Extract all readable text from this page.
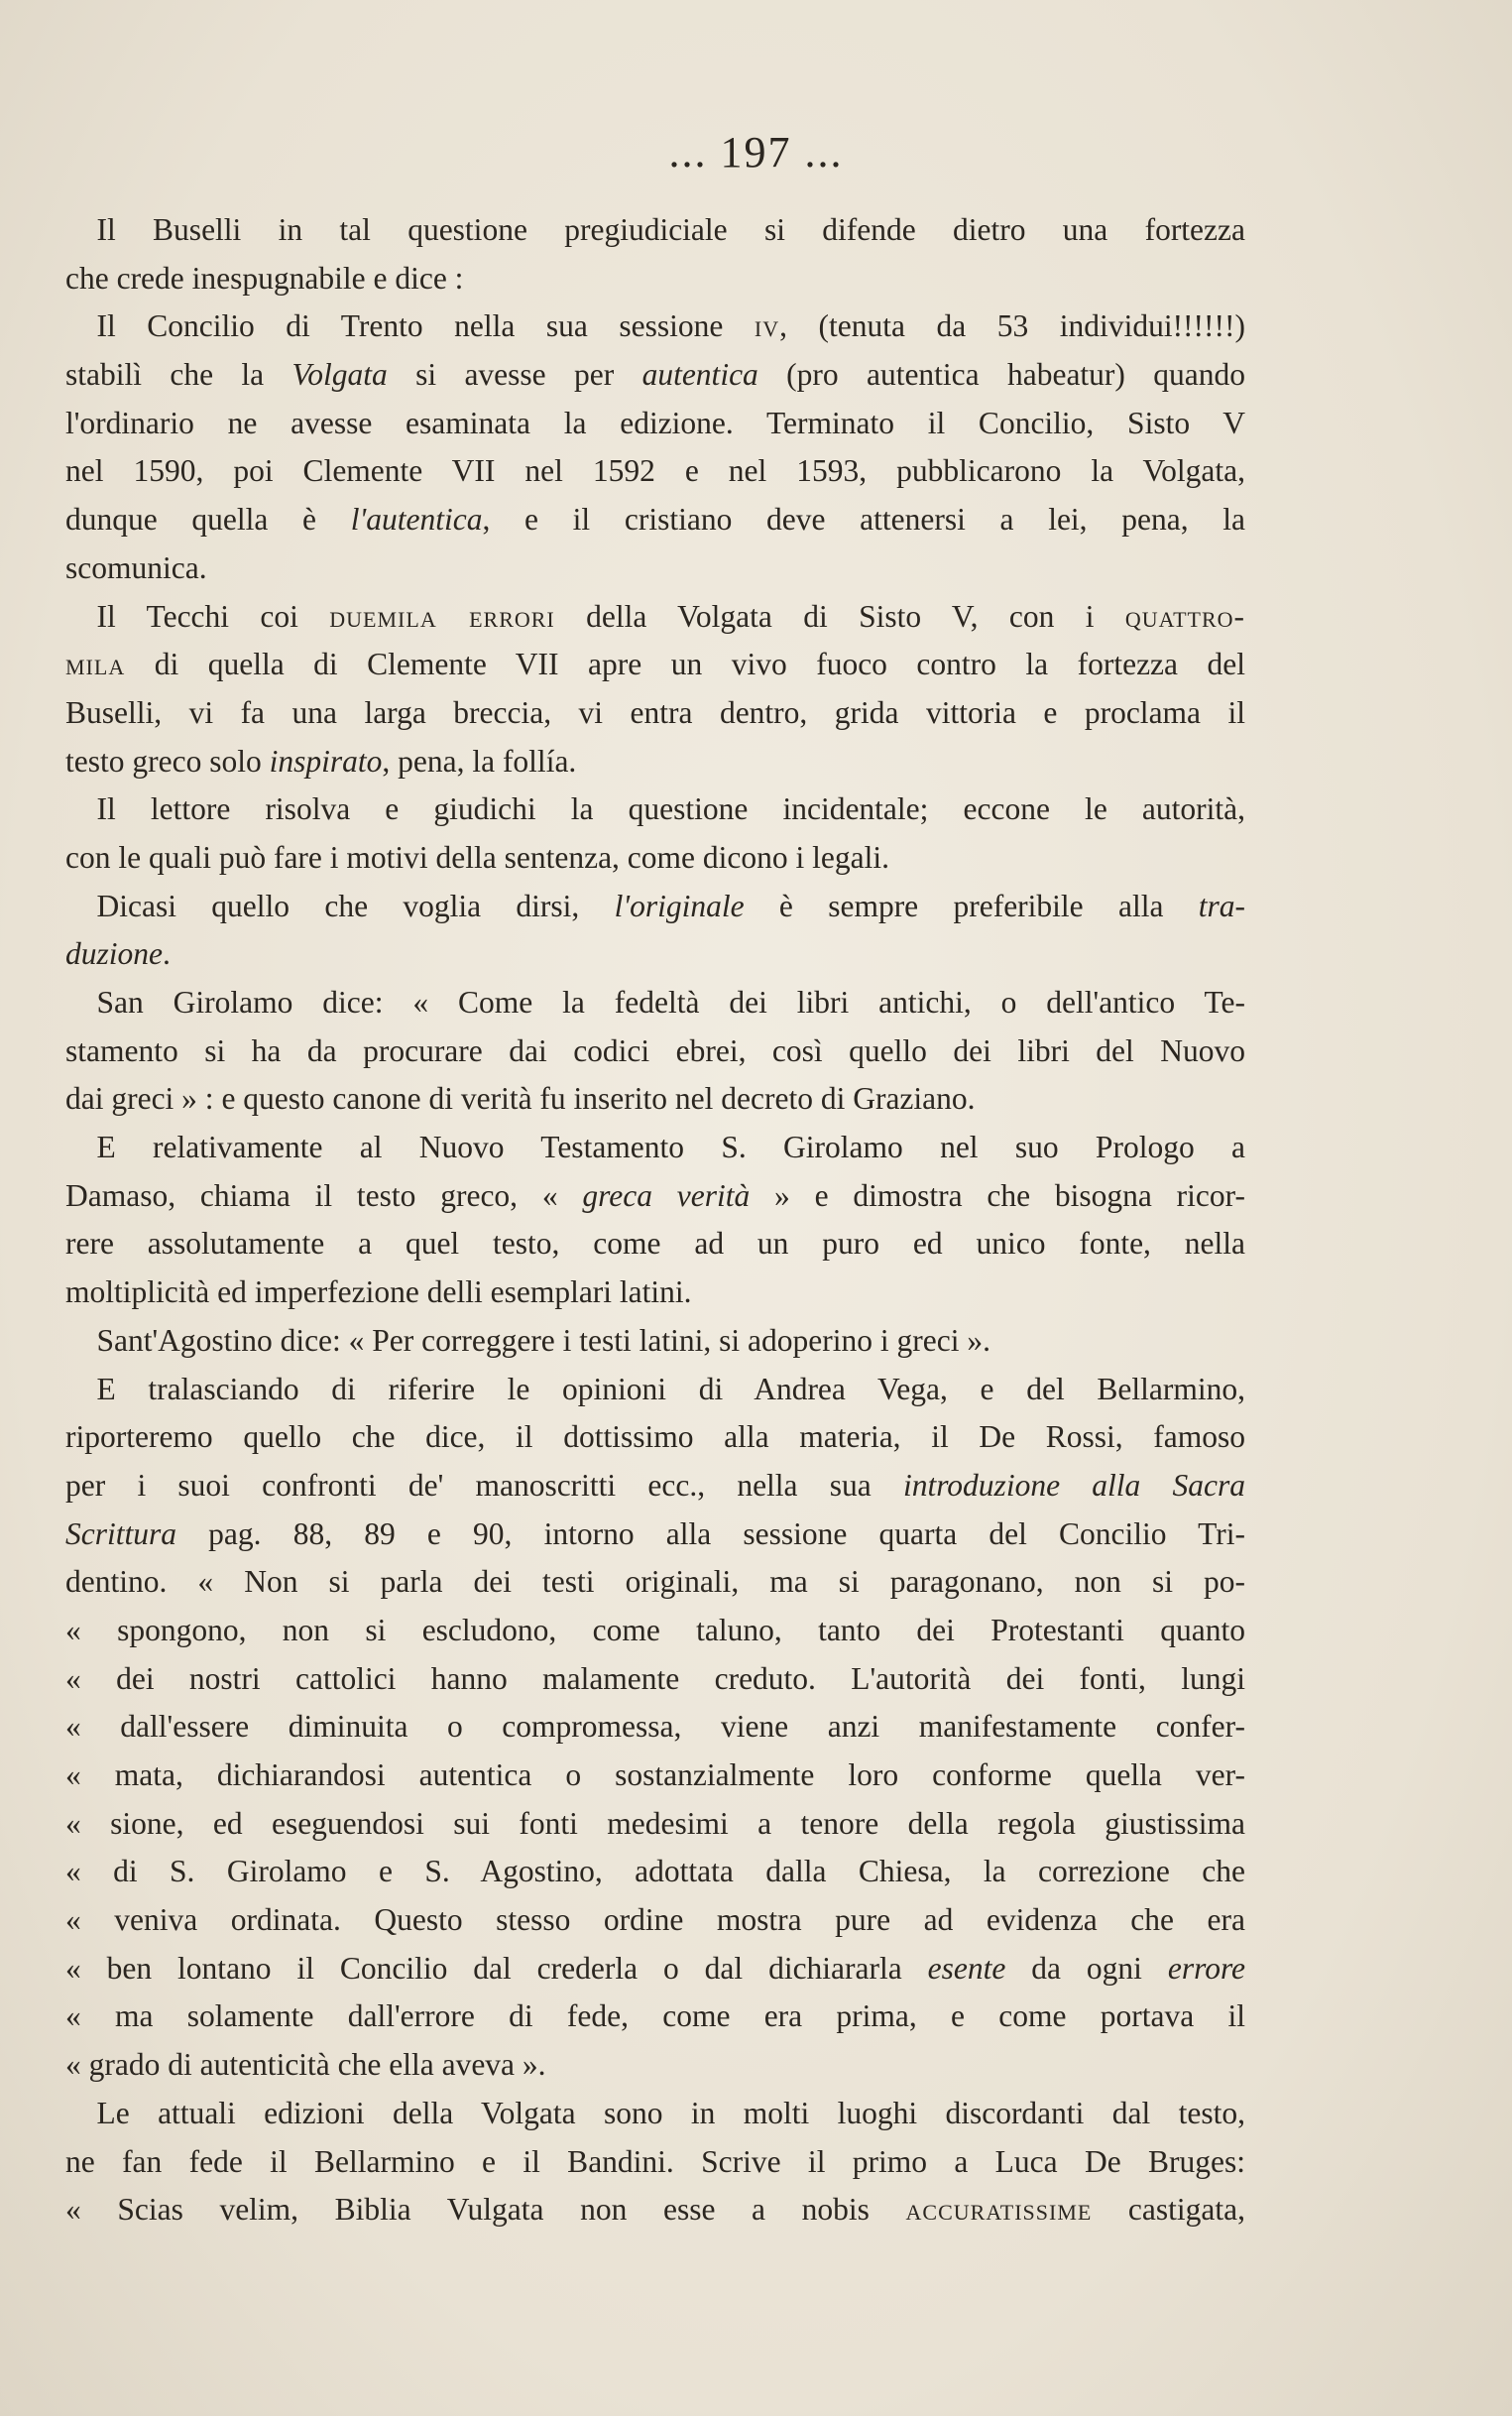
... 197 ...
 Il Buselli in tal questione pregiudiciale si difende dietro una fortezza
che crede inespugnabile e dice :
 Il Concilio di Trento nella sua sessione iv, (tenuta da 53 individui!!!!!!)
stabilì che la Volgata si avesse per autentica (pro autentica habeatur) quando
l'ordinario ne avesse esaminata la edizione. Terminato il Concilio, Sisto V
nel 1590, poi Clemente VII nel 1592 e nel 1593, pubblicarono la Volgata,
dunque quella è l'autentica, e il cristiano deve attenersi a lei, pena, la
scomunica.
 Il Tecchi coi duemila errori della Volgata di Sisto V, con i quattro-
mila di quella di Clemente VII apre un vivo fuoco contro la fortezza del
Buselli, vi fa una larga breccia, vi entra dentro, grida vittoria e proclama il
testo greco solo inspirato, pena, la follía.
 Il lettore risolva e giudichi la questione incidentale; eccone le autorità,
con le quali può fare i motivi della sentenza, come dicono i legali.
 Dicasi quello che voglia dirsi, l'originale è sempre preferibile alla tra-
duzione.
 San Girolamo dice: « Come la fedeltà dei libri antichi, o dell'antico Te-
stamento si ha da procurare dai codici ebrei, così quello dei libri del Nuovo
dai greci » : e questo canone di verità fu inserito nel decreto di Graziano.
 E relativamente al Nuovo Testamento S. Girolamo nel suo Prologo a
Damaso, chiama il testo greco, « greca verità » e dimostra che bisogna ricor-
rere assolutamente a quel testo, come ad un puro ed unico fonte, nella
moltiplicità ed imperfezione delli esemplari latini.
 Sant'Agostino dice: « Per correggere i testi latini, si adoperino i greci ».
 E tralasciando di riferire le opinioni di Andrea Vega, e del Bellarmino,
riporteremo quello che dice, il dottissimo alla materia, il De Rossi, famoso
per i suoi confronti de' manoscritti ecc., nella sua introduzione alla Sacra
Scrittura pag. 88, 89 e 90, intorno alla sessione quarta del Concilio Tri-
dentino. « Non si parla dei testi originali, ma si paragonano, non si po-
« spongono, non si escludono, come taluno, tanto dei Protestanti quanto
« dei nostri cattolici hanno malamente creduto. L'autorità dei fonti, lungi
« dall'essere diminuita o compromessa, viene anzi manifestamente confer-
« mata, dichiarandosi autentica o sostanzialmente loro conforme quella ver-
« sione, ed eseguendosi sui fonti medesimi a tenore della regola giustissima
« di S. Girolamo e S. Agostino, adottata dalla Chiesa, la correzione che
« veniva ordinata. Questo stesso ordine mostra pure ad evidenza che era
« ben lontano il Concilio dal crederla o dal dichiararla esente da ogni errore
« ma solamente dall'errore di fede, come era prima, e come portava il
« grado di autenticità che ella aveva ».
 Le attuali edizioni della Volgata sono in molti luoghi discordanti dal testo,
ne fan fede il Bellarmino e il Bandini. Scrive il primo a Luca De Bruges:
« Scias velim, Biblia Vulgata non esse a nobis accuratissime castigata,
